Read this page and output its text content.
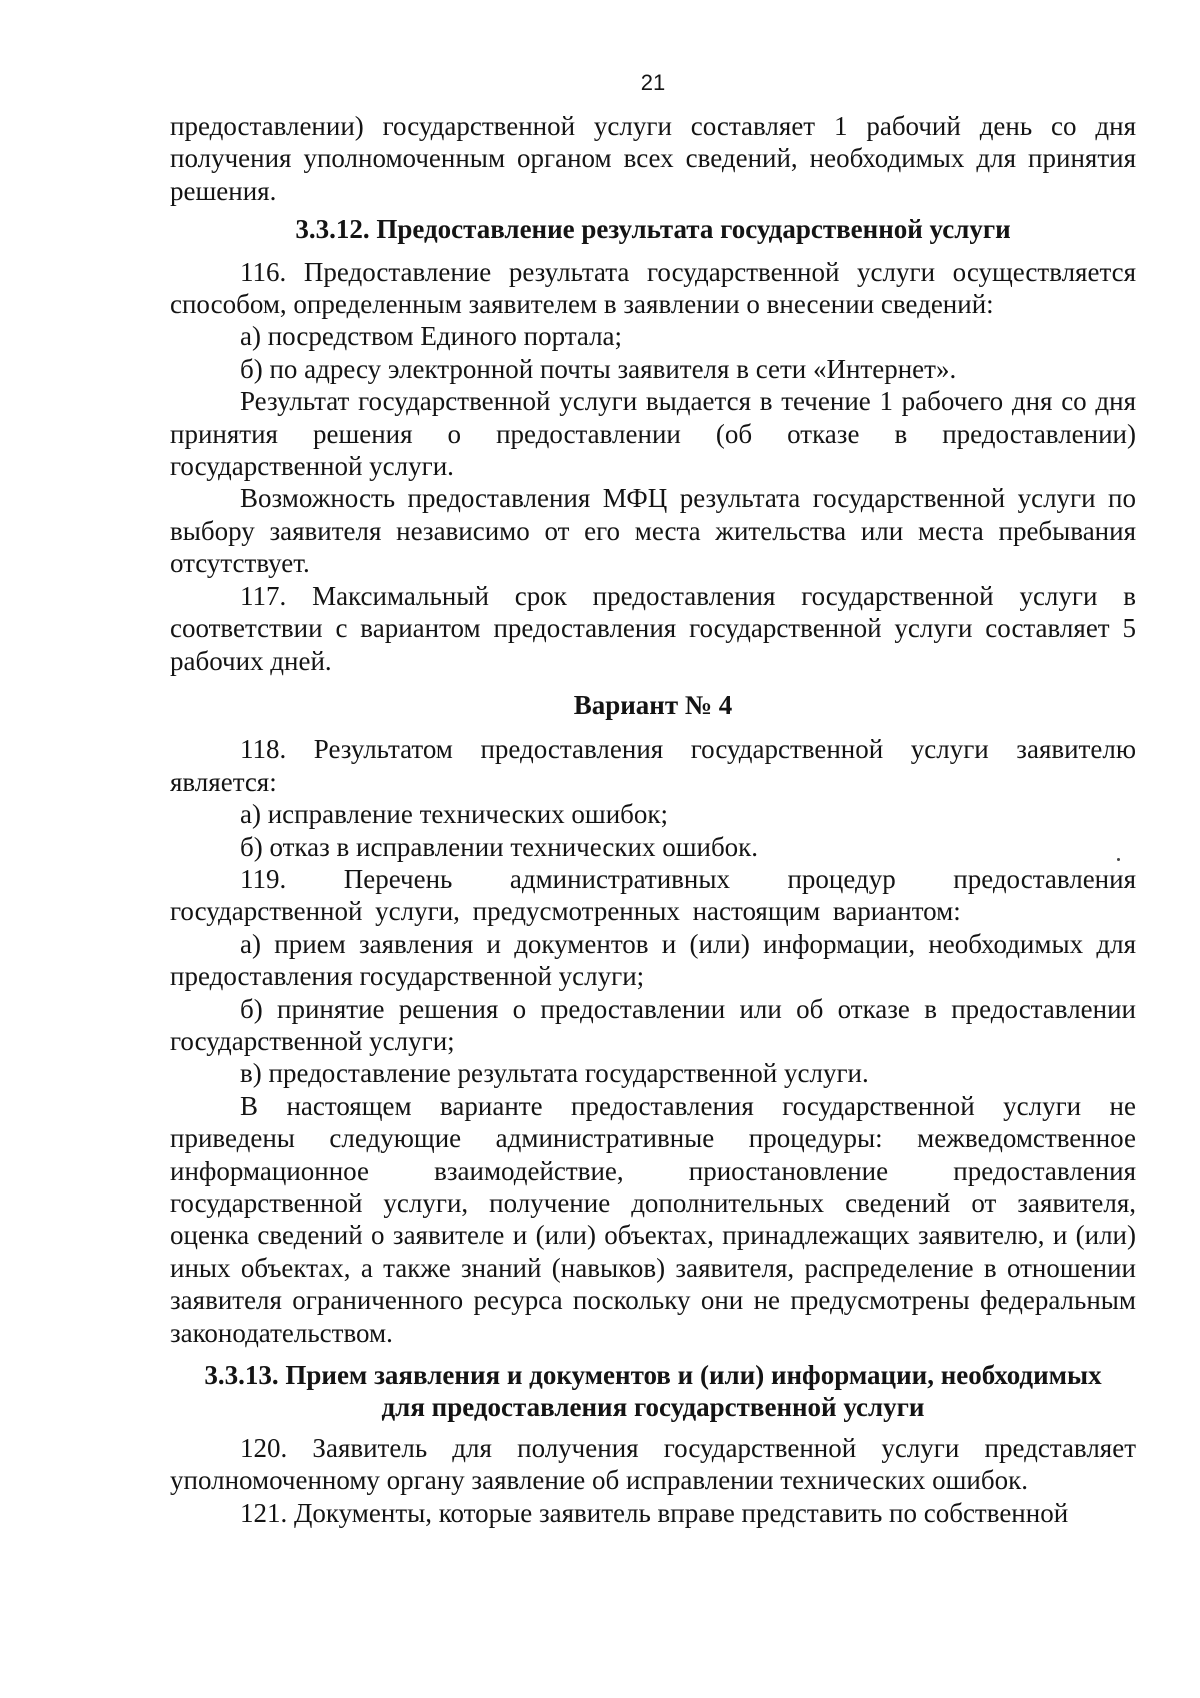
21

предоставлении) государственной услуги составляет 1 рабочий день со дня получения уполномоченным органом всех сведений, необходимых для принятия решения.

3.3.12. Предоставление результата государственной услуги

116. Предоставление результата государственной услуги осуществляется способом, определенным заявителем в заявлении о внесении сведений:

а) посредством Единого портала;

б) по адресу электронной почты заявителя в сети «Интернет».

Результат государственной услуги выдается в течение 1 рабочего дня со дня принятия решения о предоставлении (об отказе в предоставлении) государственной услуги.

Возможность предоставления МФЦ результата государственной услуги по выбору заявителя независимо от его места жительства или места пребывания отсутствует.

117. Максимальный срок предоставления государственной услуги в соответствии с вариантом предоставления государственной услуги составляет 5 рабочих дней.

Вариант № 4

118. Результатом предоставления государственной услуги заявителю является:

а) исправление технических ошибок;

б) отказ в исправлении технических ошибок.

119. Перечень административных процедур предоставления государственной услуги, предусмотренных настоящим вариантом:

а) прием заявления и документов и (или) информации, необходимых для предоставления государственной услуги;

б) принятие решения о предоставлении или об отказе в предоставлении государственной услуги;

в) предоставление результата государственной услуги.

В настоящем варианте предоставления государственной услуги не приведены следующие административные процедуры: межведомственное информационное взаимодействие, приостановление предоставления государственной услуги, получение дополнительных сведений от заявителя, оценка сведений о заявителе и (или) объектах, принадлежащих заявителю, и (или) иных объектах, а также знаний (навыков) заявителя, распределение в отношении заявителя ограниченного ресурса поскольку они не предусмотрены федеральным законодательством.

3.3.13. Прием заявления и документов и (или) информации, необходимых
для предоставления государственной услуги

120. Заявитель для получения государственной услуги представляет уполномоченному органу заявление об исправлении технических ошибок.

121. Документы, которые заявитель вправе представить по собственной
